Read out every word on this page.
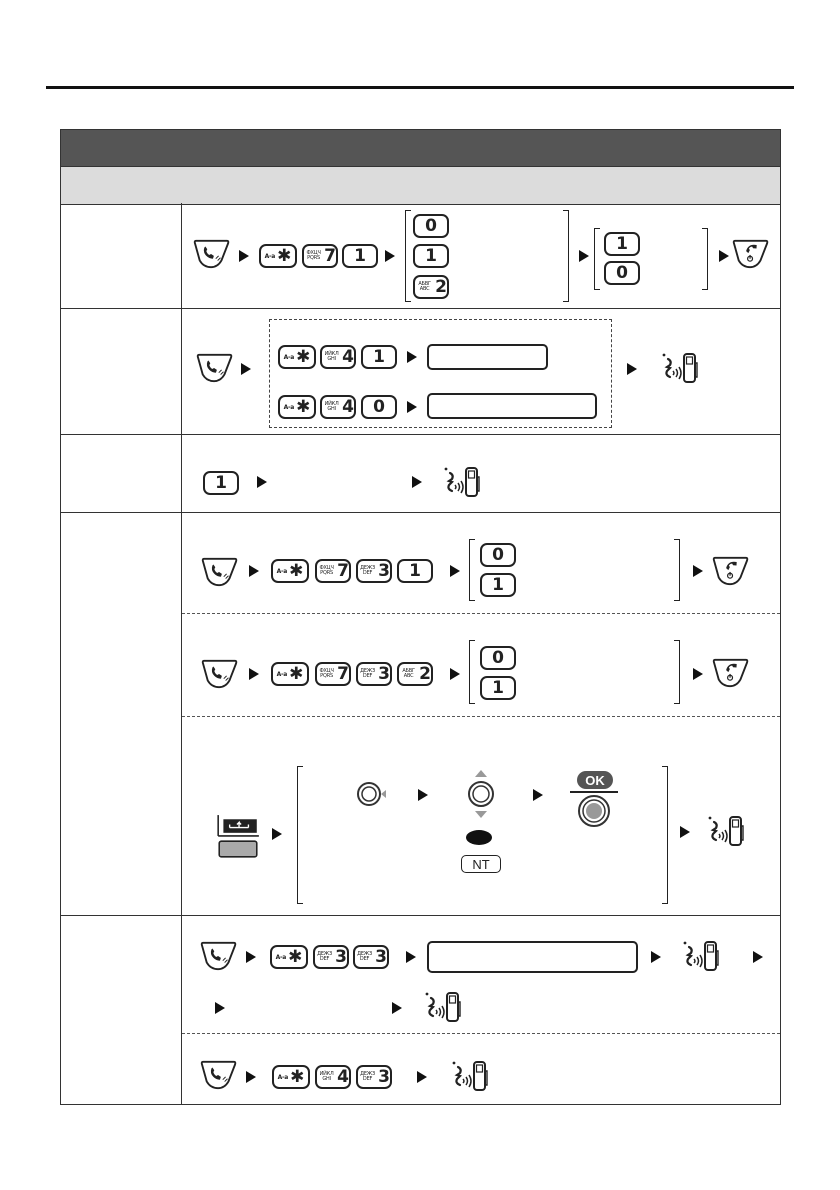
A-a ✱	ФХЦЧ PQRS 7 1
0
1
АБВГ ABC 2
1
0
A-a ✱	ИЙКЛ GHI 4 1
A-a ✱	ИЙКЛ GHI 4 0
1
A-a ✱	ФХЦЧ PQRS 7	ДЕЖЗ DEF 3 1
0
1
A-a ✱	ФХЦЧ PQRS 7	ДЕЖЗ DEF 3	АБВГ ABC 2
0
1
OK
NT
A-a ✱	ДЕЖЗ DEF 3	ДЕЖЗ DEF 3
A-a ✱	ИЙКЛ GHI 4	ДЕЖЗ DEF 3
